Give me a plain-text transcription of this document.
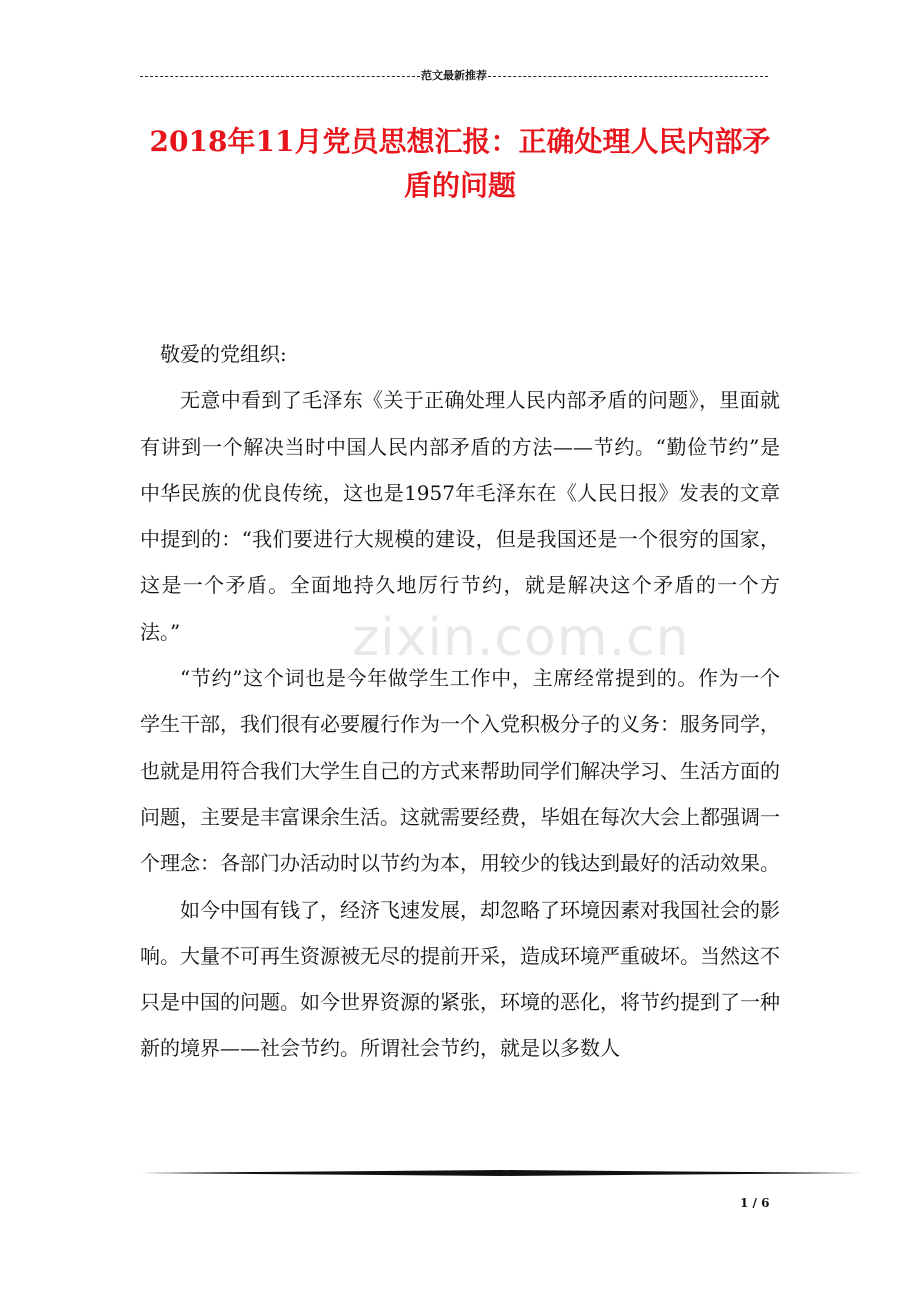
范文最新推荐
2018年11月党员思想汇报：正确处理人民内部矛盾的问题

敬爱的党组织:

无意中看到了毛泽东《关于正确处理人民内部矛盾的问题》，里面就有讲到一个解决当时中国人民内部矛盾的方法——节约。“勤俭节约”是中华民族的优良传统，这也是1957年毛泽东在《人民日报》发表的文章中提到的：“我们要进行大规模的建设，但是我国还是一个很穷的国家，这是一个矛盾。全面地持久地厉行节约，就是解决这个矛盾的一个方法。”

“节约”这个词也是今年做学生工作中，主席经常提到的。作为一个学生干部，我们很有必要履行作为一个入党积极分子的义务：服务同学，也就是用符合我们大学生自己的方式来帮助同学们解决学习、生活方面的问题，主要是丰富课余生活。这就需要经费，毕姐在每次大会上都强调一个理念：各部门办活动时以节约为本，用较少的钱达到最好的活动效果。

如今中国有钱了，经济飞速发展，却忽略了环境因素对我国社会的影响。大量不可再生资源被无尽的提前开采，造成环境严重破坏。当然这不只是中国的问题。如今世界资源的紧张，环境的恶化，将节约提到了一种新的境界——社会节约。所谓社会节约，就是以多数人

zixin.com.cn
1 / 6
